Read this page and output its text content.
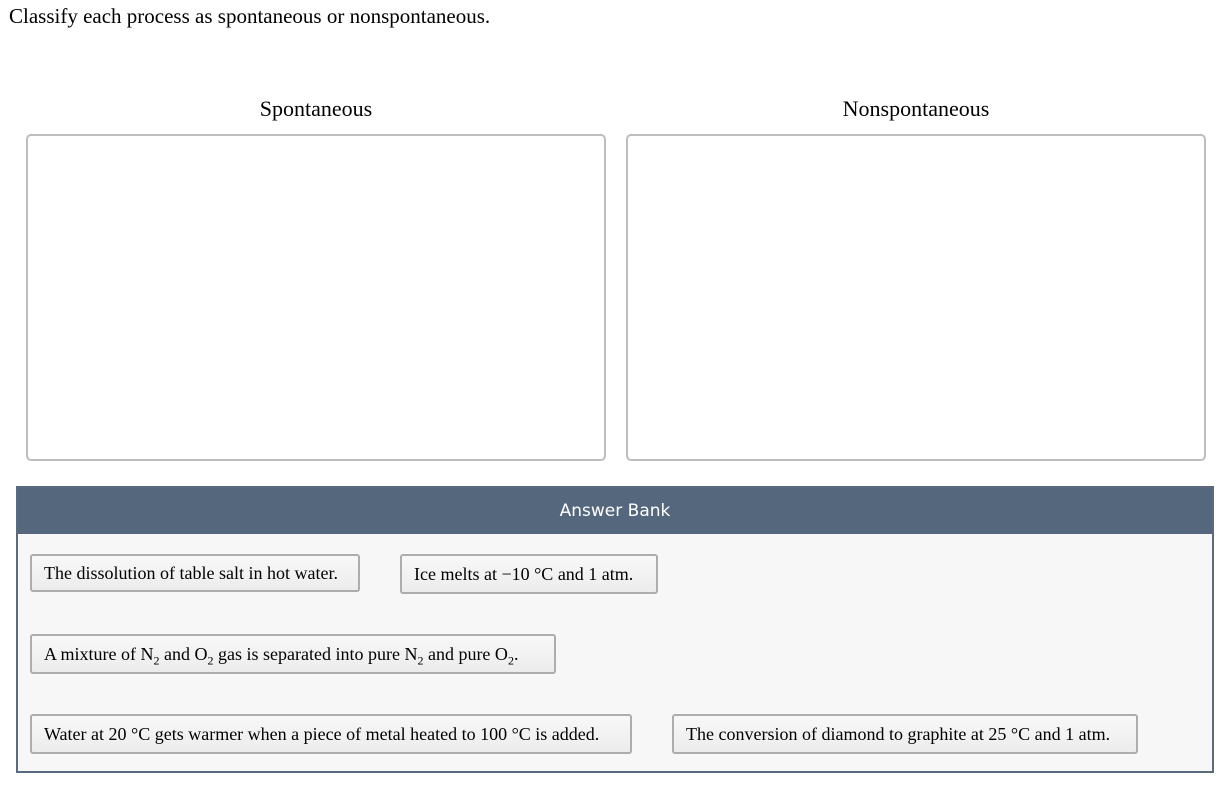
Classify each process as spontaneous or nonspontaneous.
Spontaneous	Nonspontaneous
Answer Bank
The dissolution of table salt in hot water.	Ice melts at −10 °C and 1 atm.
A mixture of $N_2$ and $O_2$ gas is separated into pure $N_2$ and pure $O_2$.
Water at 20 °C gets warmer when a piece of metal heated to 100 °C is added.	The conversion of diamond to graphite at 25 °C and 1 atm.
